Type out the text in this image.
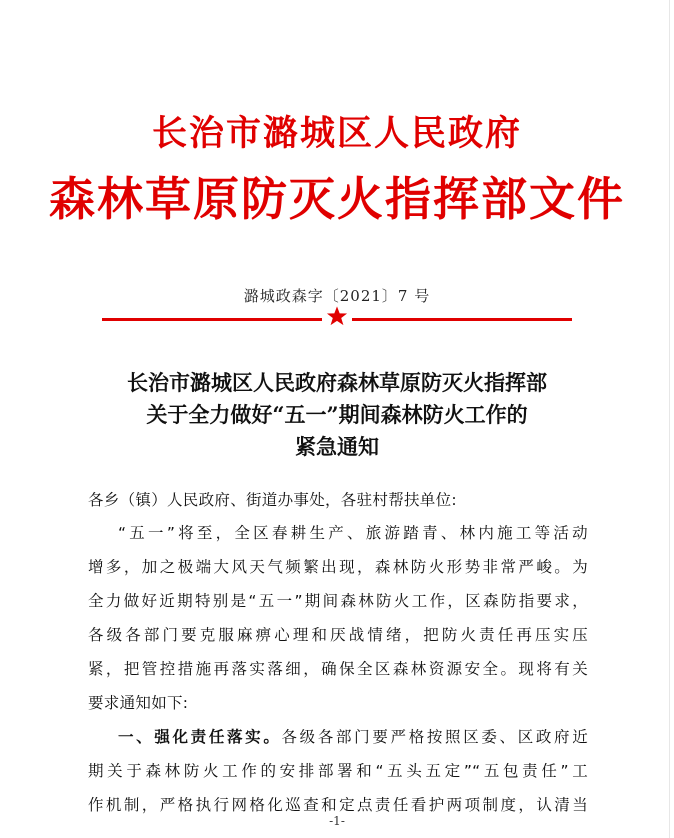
长治市潞城区人民政府
森林草原防灭火指挥部文件
潞城政森字〔2021〕7 号
长治市潞城区人民政府森林草原防灭火指挥部
关于全力做好“五一”期间森林防火工作的
紧急通知
各乡（镇）人民政府、街道办事处，各驻村帮扶单位:
“五一”将至，全区春耕生产、旅游踏青、林内施工等活动
增多，加之极端大风天气频繁出现，森林防火形势非常严峻。为
全力做好近期特别是“五一”期间森林防火工作，区森防指要求，
各级各部门要克服麻痹心理和厌战情绪，把防火责任再压实压
紧，把管控措施再落实落细，确保全区森林资源安全。现将有关
要求通知如下:
一、强化责任落实。各级各部门要严格按照区委、区政府近
期关于森林防火工作的安排部署和“五头五定”“五包责任”工
作机制，严格执行网格化巡查和定点责任看护两项制度，认清当
-1-
